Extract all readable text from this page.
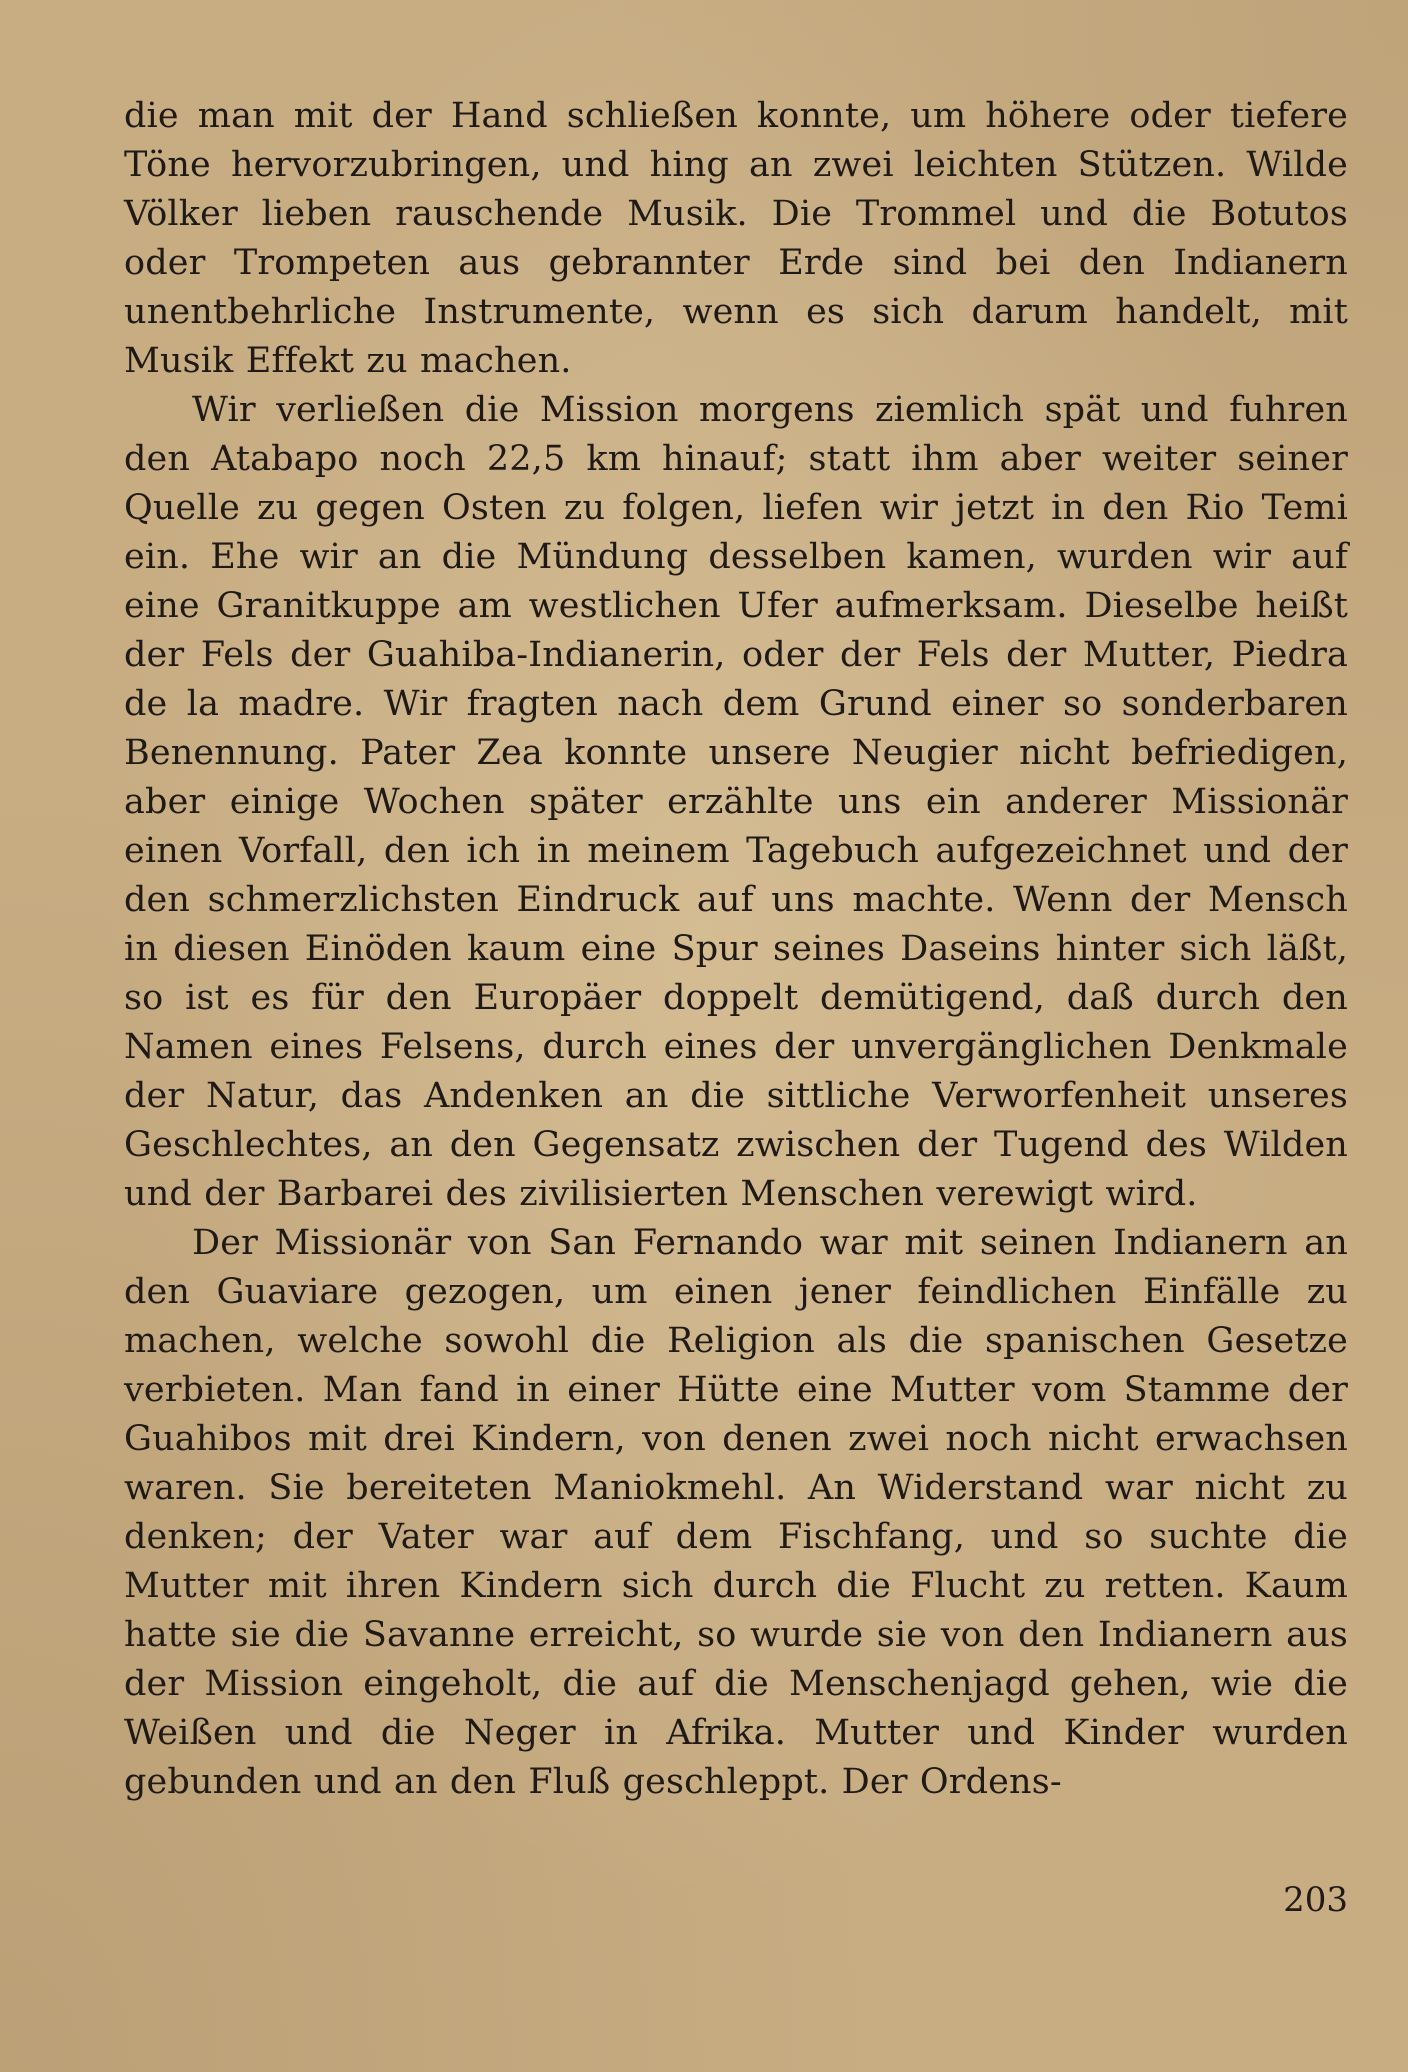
die man mit der Hand schließen konnte, um höhere oder tiefere Töne hervorzubringen, und hing an zwei leichten Stützen. Wilde Völker lieben rauschende Musik. Die Trommel und die Botutos oder Trompeten aus gebrannter Erde sind bei den Indianern unentbehrliche Instrumente, wenn es sich darum handelt, mit Musik Effekt zu machen.

Wir verließen die Mission morgens ziemlich spät und fuhren den Atabapo noch 22,5 km hinauf; statt ihm aber weiter seiner Quelle zu gegen Osten zu folgen, liefen wir jetzt in den Rio Temi ein. Ehe wir an die Mündung desselben kamen, wurden wir auf eine Granitkuppe am westlichen Ufer aufmerksam. Dieselbe heißt der Fels der Guahiba-Indianerin, oder der Fels der Mutter, Piedra de la madre. Wir fragten nach dem Grund einer so sonderbaren Benennung. Pater Zea konnte unsere Neugier nicht befriedigen, aber einige Wochen später erzählte uns ein anderer Missionär einen Vorfall, den ich in meinem Tagebuch aufgezeichnet und der den schmerzlichsten Eindruck auf uns machte. Wenn der Mensch in diesen Einöden kaum eine Spur seines Daseins hinter sich läßt, so ist es für den Europäer doppelt demütigend, daß durch den Namen eines Felsens, durch eines der unvergänglichen Denkmale der Natur, das Andenken an die sittliche Verworfenheit unseres Geschlechtes, an den Gegensatz zwischen der Tugend des Wilden und der Barbarei des zivilisierten Menschen verewigt wird.

Der Missionär von San Fernando war mit seinen Indianern an den Guaviare gezogen, um einen jener feindlichen Einfälle zu machen, welche sowohl die Religion als die spanischen Gesetze verbieten. Man fand in einer Hütte eine Mutter vom Stamme der Guahibos mit drei Kindern, von denen zwei noch nicht erwachsen waren. Sie bereiteten Maniokmehl. An Widerstand war nicht zu denken; der Vater war auf dem Fischfang, und so suchte die Mutter mit ihren Kindern sich durch die Flucht zu retten. Kaum hatte sie die Savanne erreicht, so wurde sie von den Indianern aus der Mission eingeholt, die auf die Menschenjagd gehen, wie die Weißen und die Neger in Afrika. Mutter und Kinder wurden gebunden und an den Fluß geschleppt. Der Ordens-

203
